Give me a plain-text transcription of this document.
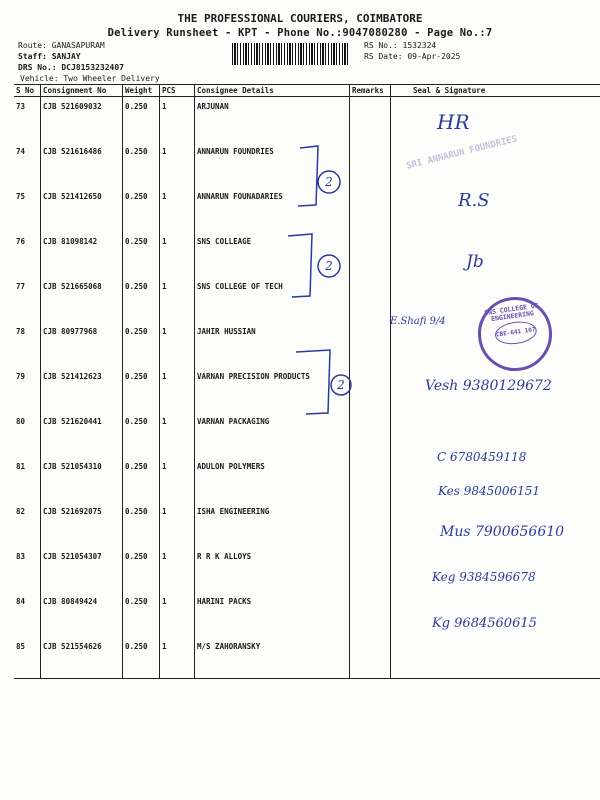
THE PROFESSIONAL COURIERS, COIMBATORE
Delivery Runsheet - KPT - Phone No.:9047080280 - Page No.:7
Route: GANASAPURAM
Staff: SANJAY
DRS No.: DCJ8153232407
Vehicle: Two Wheeler Delivery
RS No.: 1532324
RS Date: 09-Apr-2025
S No	Consignment No	Weight	PCS	Consignee Details	Remarks	Seal & Signature
73	CJB 521609032	0.250	1	ARJUNAN		
74	CJB 521616486	0.250	1	ANNARUN FOUNDRIES		
75	CJB 521412650	0.250	1	ANNARUN FOUNADARIES		
76	CJB 81098142	0.250	1	SNS COLLEAGE		
77	CJB 521665068	0.250	1	SNS COLLEGE OF TECH		
78	CJB 80977968	0.250	1	JAHIR HUSSIAN		
79	CJB 521412623	0.250	1	VARNAN PRECISION PRODUCTS		
80	CJB 521620441	0.250	1	VARNAN PACKAGING		
81	CJB 521054310	0.250	1	ADULON POLYMERS		
82	CJB 521692075	0.250	1	ISHA ENGINEERING		
83	CJB 521054307	0.250	1	R R K ALLOYS		
84	CJB 80849424	0.250	1	HARINI PACKS		
85	CJB 521554626	0.250	1	M/S ZAHORANSKY		
HR
SRI ANNARUN FOUNDRIES
R.S
Jb
E.Shafi 9/4
Vesh 9380129672
C 6780459118
Kes 9845006151
Mus 7900656610
Keg 9384596678
Kg 9684560615
2
2
2
SNS COLLEGE OF ENGINEERING
CBE-641 107
